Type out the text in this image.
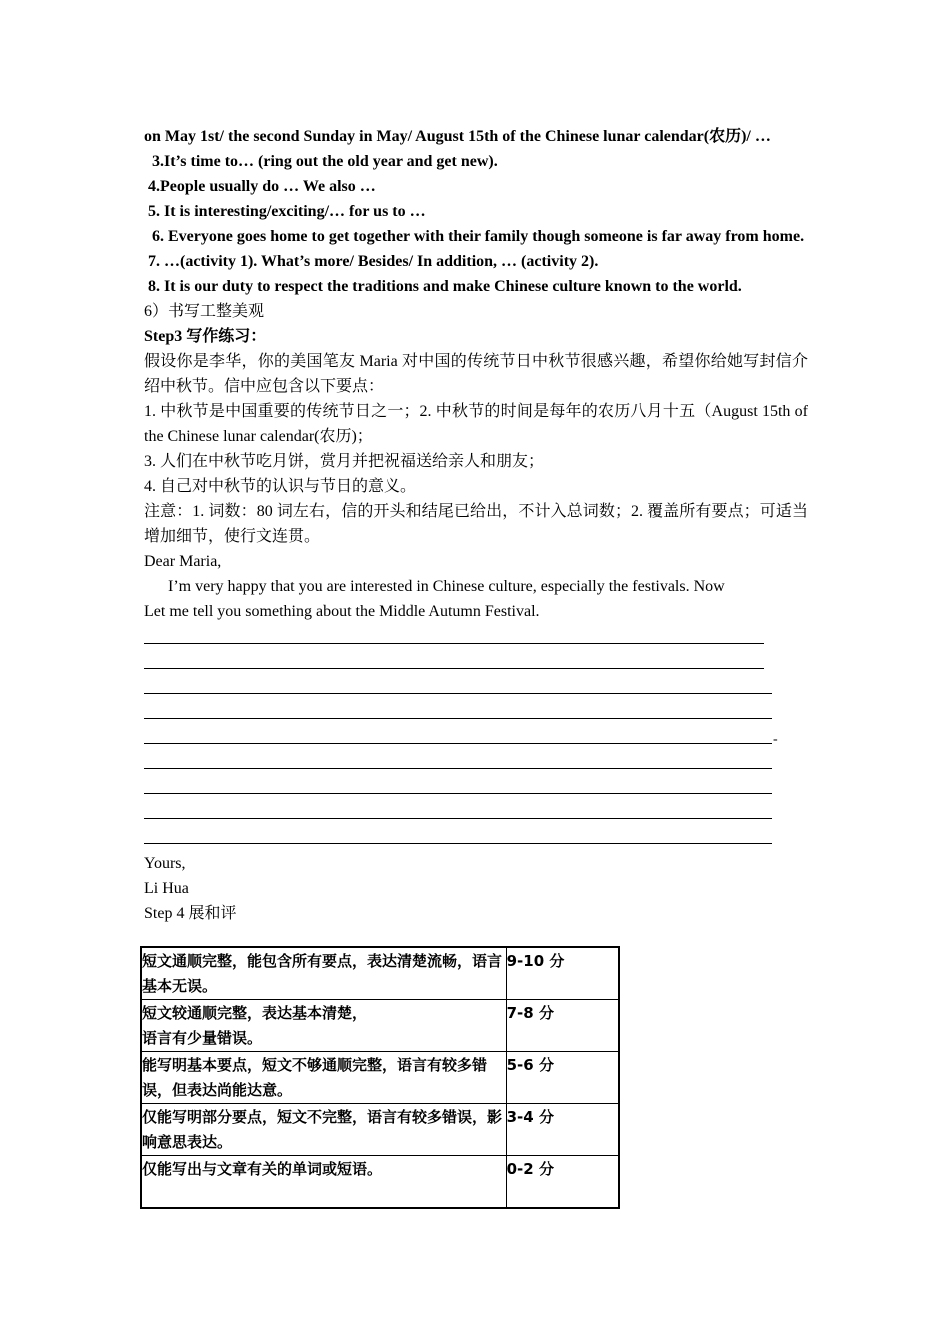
on May 1st/ the second Sunday in May/ August 15th of the Chinese lunar calendar(农历)/ …
3.It’s time to… (ring out the old year and get new).
4.People usually do … We also …
5. It is interesting/exciting/… for us to …
6. Everyone goes home to get together with their family though someone is far away from home.
7. …(activity 1). What’s more/ Besides/ In addition, … (activity 2).
8. It is our duty to respect the traditions and make Chinese culture known to the world.
6）书写工整美观
Step3 写作练习：
假设你是李华，你的美国笔友 Maria 对中国的传统节日中秋节很感兴趣，希望你给她写封信介绍中秋节。信中应包含以下要点：
1. 中秋节是中国重要的传统节日之一；2. 中秋节的时间是每年的农历八月十五（August 15th of the Chinese lunar calendar(农历)；
3. 人们在中秋节吃月饼，赏月并把祝福送给亲人和朋友；
4. 自己对中秋节的认识与节日的意义。
注意：1. 词数：80 词左右，信的开头和结尾已给出，不计入总词数；2. 覆盖所有要点；可适当增加细节，使行文连贯。
Dear Maria,
I’m very happy that you are interested in Chinese culture, especially the festivals. Now
Let me tell you something about the Middle Autumn Festival.
-
Yours,
Li Hua
Step 4 展和评
短文通顺完整，能包含所有要点，表达清楚流畅，语言基本无误。	9-10 分
短文较通顺完整，表达基本清楚，
语言有少量错误。	7-8 分
能写明基本要点，短文不够通顺完整，语言有较多错误，但表达尚能达意。	5-6 分
仅能写明部分要点，短文不完整，语言有较多错误，影响意思表达。	3-4 分
仅能写出与文章有关的单词或短语。	0-2 分
